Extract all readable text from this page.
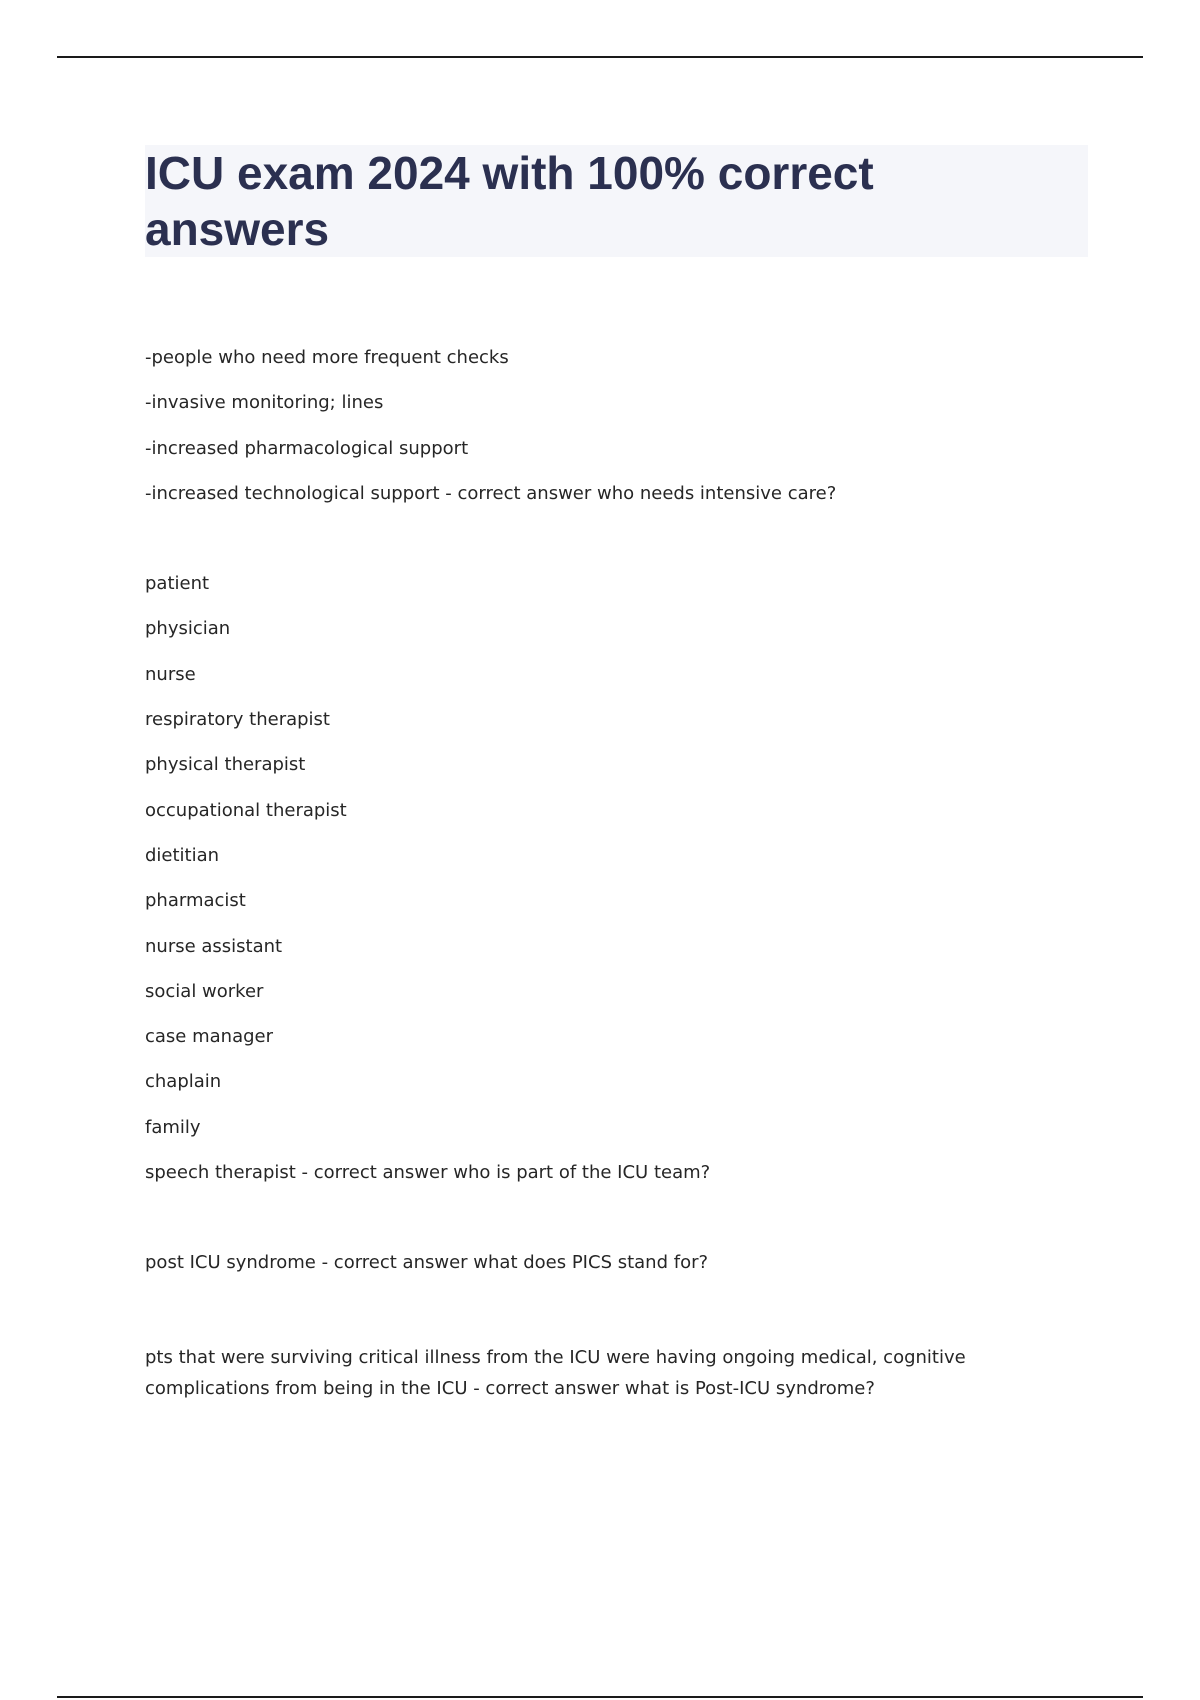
ICU exam 2024 with 100% correct answers
-people who need more frequent checks
-invasive monitoring; lines
-increased pharmacological support
-increased technological support - correct answer who needs intensive care?
patient
physician
nurse
respiratory therapist
physical therapist
occupational therapist
dietitian
pharmacist
nurse assistant
social worker
case manager
chaplain
family
speech therapist - correct answer who is part of the ICU team?
post ICU syndrome - correct answer what does PICS stand for?
pts that were surviving critical illness from the ICU were having ongoing medical, cognitive complications from being in the ICU - correct answer what is Post-ICU syndrome?
